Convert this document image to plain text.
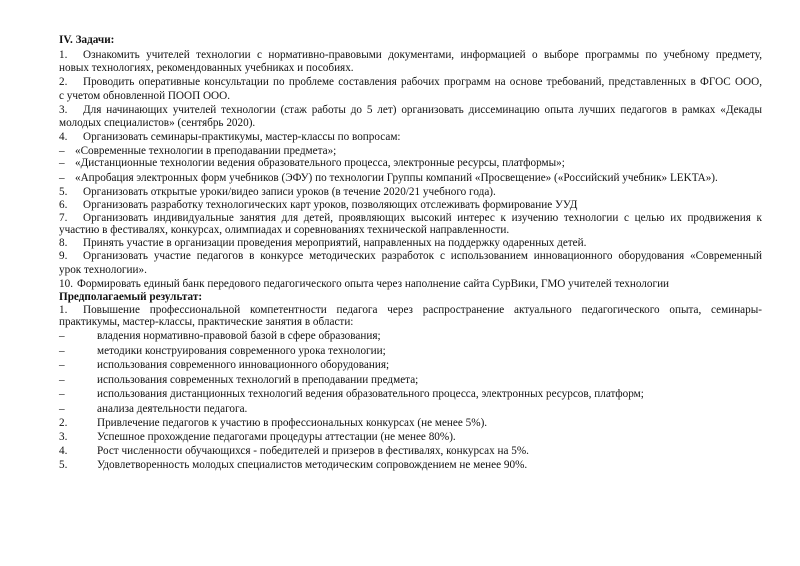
IV. Задачи:
1. Ознакомить учителей технологии с нормативно-правовыми документами, информацией о выборе программы по учебному предмету,
новых технологиях, рекомендованных учебниках и пособиях.
2. Проводить оперативные консультации по проблеме составления рабочих программ на основе требований, представленных в ФГОС ООО,
с учетом обновленной ПООП ООО.
3. Для начинающих учителей технологии (стаж работы до 5 лет) организовать диссеминацию опыта лучших педагогов в рамках «Декады
молодых специалистов» (сентябрь 2020).
4. Организовать семинары-практикумы, мастер-классы по вопросам:
– «Современные технологии в преподавании предмета»;
– «Дистанционные технологии ведения образовательного процесса, электронные ресурсы, платформы»;
– «Апробация электронных форм учебников (ЭФУ) по технологии Группы компаний «Просвещение» («Российский учебник» LEKTA»).
5. Организовать открытые уроки/видео записи уроков (в течение 2020/21 учебного года).
6. Организовать разработку технологических карт уроков, позволяющих отслеживать формирование УУД
7. Организовать индивидуальные занятия для детей, проявляющих высокий интерес к изучению технологии с целью их продвижения к
участию в фестивалях, конкурсах, олимпиадах и соревнованиях технической направленности.
8. Принять участие в организации проведения мероприятий, направленных на поддержку одаренных детей.
9. Организовать участие педагогов в конкурсе методических разработок с использованием инновационного оборудования «Современный
урок технологии».
10. Формировать единый банк передового педагогического опыта через наполнение сайта СурВики, ГМО учителей технологии
Предполагаемый результат:
1. Повышение профессиональной компетентности педагога через распространение актуального педагогического опыта, семинары-
практикумы, мастер-классы, практические занятия в области:
–	владения нормативно-правовой базой в сфере образования;
–	методики конструирования современного урока технологии;
–	использования современного инновационного оборудования;
–	использования современных технологий в преподавании предмета;
–	использования дистанционных технологий ведения образовательного процесса, электронных ресурсов, платформ;
–	анализа деятельности педагога.
2.	Привлечение педагогов к участию в профессиональных конкурсах (не менее 5%).
3.	Успешное прохождение педагогами процедуры аттестации (не менее 80%).
4.	Рост численности обучающихся - победителей и призеров в фестивалях, конкурсах на 5%.
5.	Удовлетворенность молодых специалистов методическим сопровождением не менее 90%.
